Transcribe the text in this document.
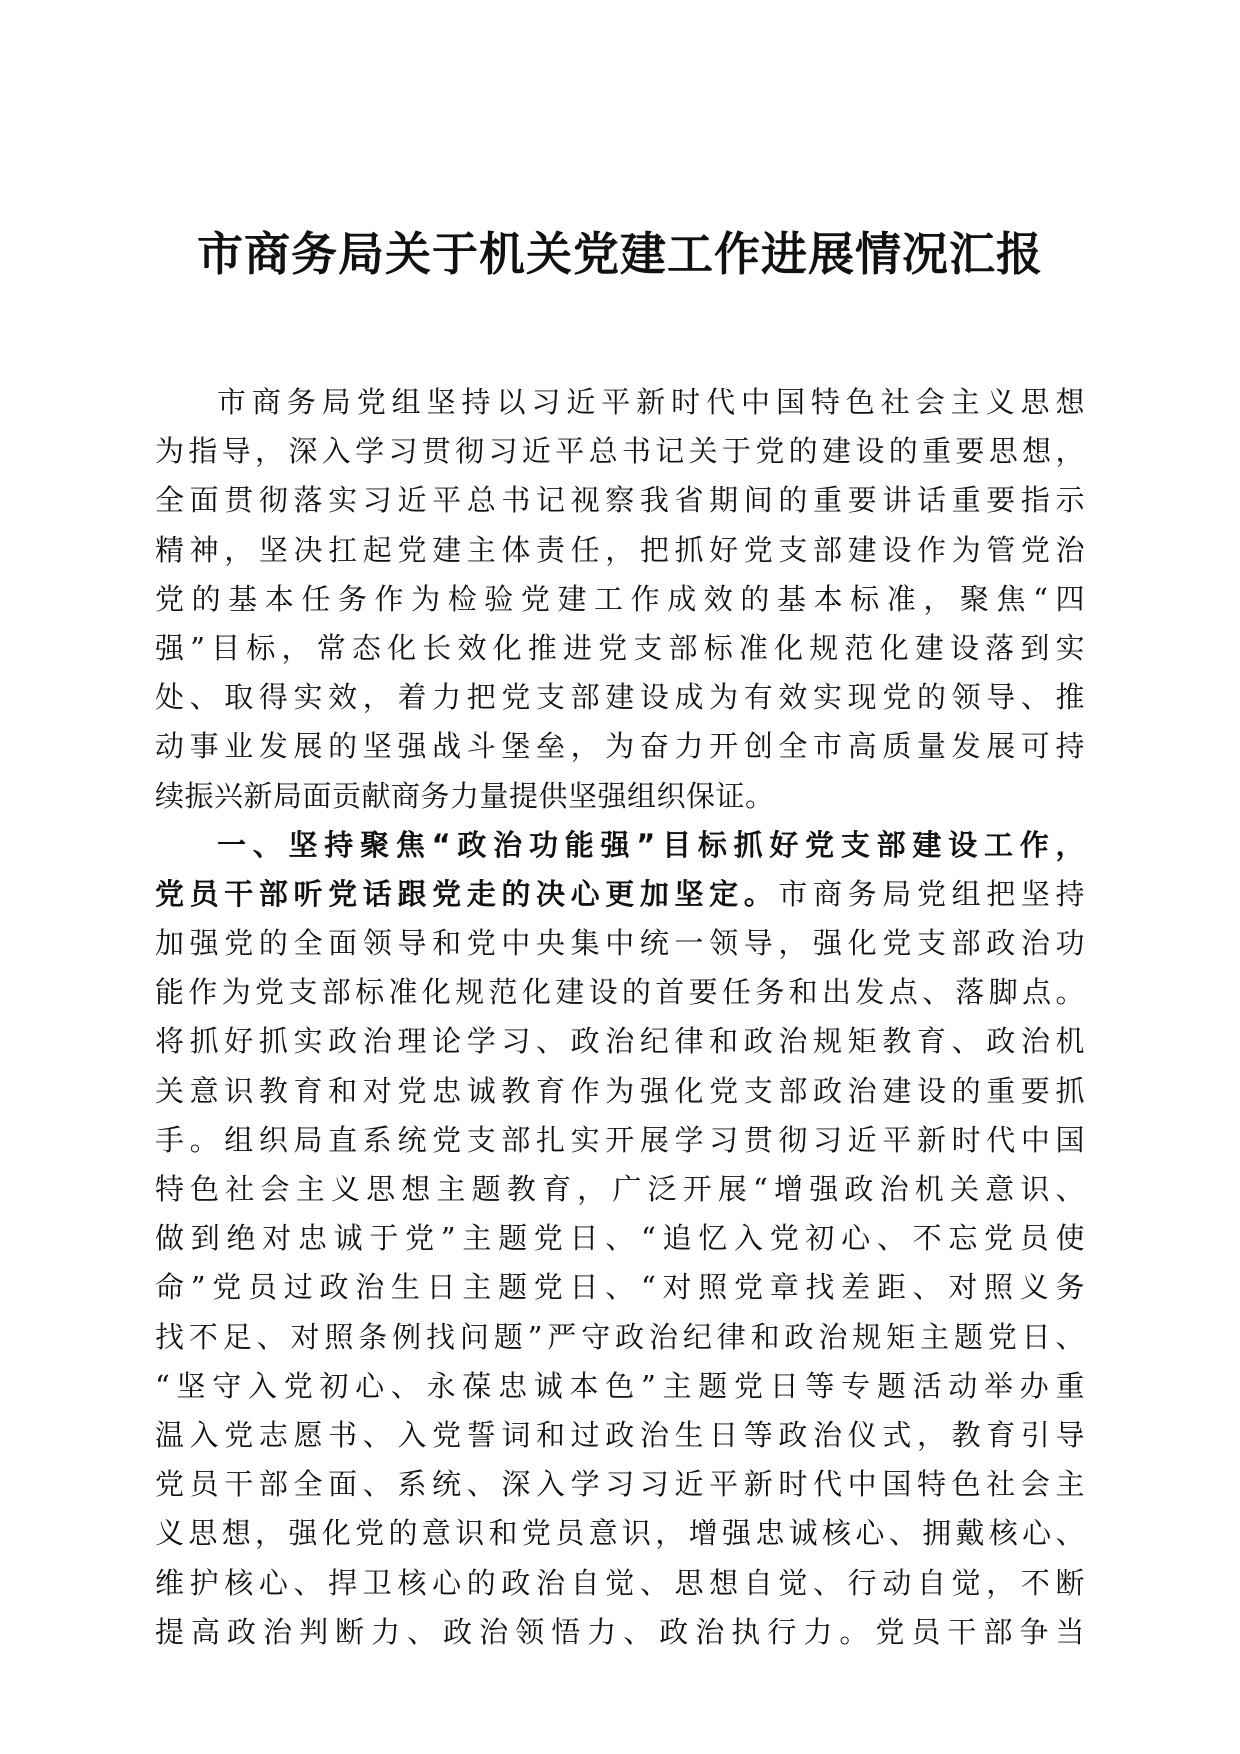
市商务局关于机关党建工作进展情况汇报
市商务局党组坚持以习近平新时代中国特色社会主义思想
为指导，深入学习贯彻习近平总书记关于党的建设的重要思想，
全面贯彻落实习近平总书记视察我省期间的重要讲话重要指示
精神，坚决扛起党建主体责任，把抓好党支部建设作为管党治
党的基本任务作为检验党建工作成效的基本标准，聚焦“四
强”目标，常态化长效化推进党支部标准化规范化建设落到实
处、取得实效，着力把党支部建设成为有效实现党的领导、推
动事业发展的坚强战斗堡垒，为奋力开创全市高质量发展可持
续振兴新局面贡献商务力量提供坚强组织保证。
一、坚持聚焦“政治功能强”目标抓好党支部建设工作，
党员干部听党话跟党走的决心更加坚定。市商务局党组把坚持
加强党的全面领导和党中央集中统一领导，强化党支部政治功
能作为党支部标准化规范化建设的首要任务和出发点、落脚点。
将抓好抓实政治理论学习、政治纪律和政治规矩教育、政治机
关意识教育和对党忠诚教育作为强化党支部政治建设的重要抓
手。组织局直系统党支部扎实开展学习贯彻习近平新时代中国
特色社会主义思想主题教育，广泛开展“增强政治机关意识、
做到绝对忠诚于党”主题党日、“追忆入党初心、不忘党员使
命”党员过政治生日主题党日、“对照党章找差距、对照义务
找不足、对照条例找问题”严守政治纪律和政治规矩主题党日、
“坚守入党初心、永葆忠诚本色”主题党日等专题活动举办重
温入党志愿书、入党誓词和过政治生日等政治仪式，教育引导
党员干部全面、系统、深入学习习近平新时代中国特色社会主
义思想，强化党的意识和党员意识，增强忠诚核心、拥戴核心、
维护核心、捍卫核心的政治自觉、思想自觉、行动自觉，不断
提高政治判断力、政治领悟力、政治执行力。党员干部争当
